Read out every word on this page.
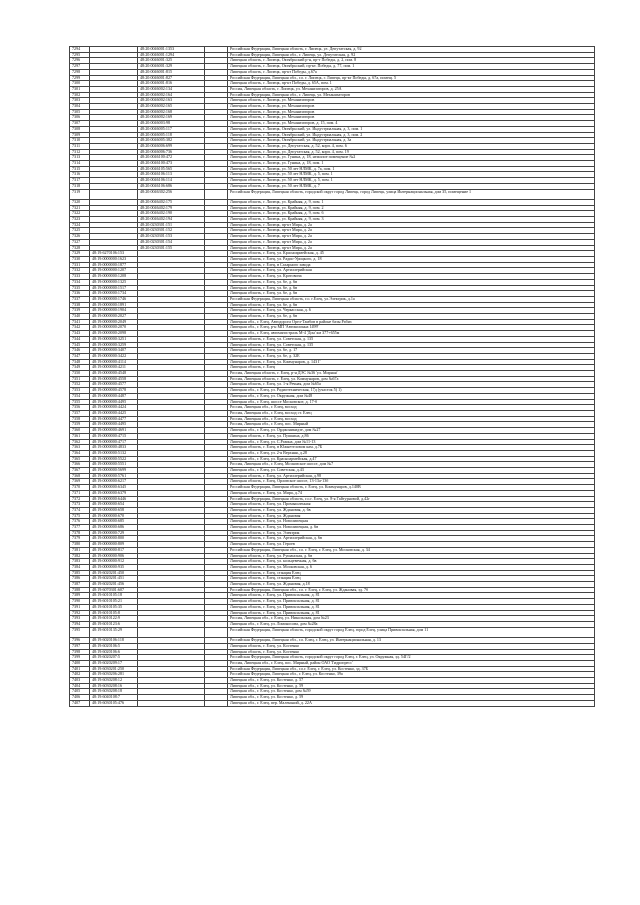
7294		48:20:0046001:1353		Российская Федерация, Липецкая область, г. Липецк, ул. Депутатская, д. 92
7295		48:20:0046001:1294		Российская Федерация, Липецкая обл., г. Липецк, ул. Депутатская, д. 92
7296		48:20:0046001:325		Липецкая область, г. Липецк, Октябрьский р-н, пр-т Победы, д. 2, пом. 8
7297		48:20:0046001:329		Липецкая область, г. Липецк, Октябрьский, пр-кт. Победы, д. 77, пом. 1
7298		48:20:0046001:815		Липецкая область, г. Липецк, пр-кт Победы, д.67а
7299		48:20:0046001:827		Российская Федерация, Липецкая обл., г.о. г. Липецк, г. Липецк, пр-кт Победы, д. 67а, помещ. 5
7300		48:20:0046001:816		Липецкая область, г. Липецк, пр-кт Победы, д. 65А, пом. 1
7301		48:20:0046002:134		Россия, Липецкая область, г. Липецк, ул. Механизаторов, д. 25А
7302		48:20:0046002:164		Российская Федерация, Липецкая обл., г. Липецк, ул. Механизаторов
7303		48:20:0046002:163		Липецкая область, г. Липецк, ул. Механизаторов
7304		48:20:0046002:165		Липецкая область, г. Липецк, ул. Механизаторов
7305		48:20:0046002:168		Липецкая область, г. Липецк, ул. Механизаторов
7306		48:20:0046002:169		Липецкая область, г. Липецк, ул. Механизаторов
7307		48:20:0046003:98		Липецкая область, г. Липецк, ул. Механизаторов, д. 15, пом. 4
7308		48:20:0046005:117		Липецкая область, г. Липецк, Октябрьский, ул. Индустриальная, д. 3, пом. 1
7309		48:20:0046005:118		Липецкая область, г. Липецк, Октябрьский, ул. Индустриальная, д. 3, пом. 2
7310		48:20:0046005:382		Липецкая область, г. Липецк, Октябрьский, ул. Индустриальная, д. 3а
7311		48:20:0046006:699		Липецкая область, г. Липецк, ул. Депутатская, д. 52, корп. 4, пом. 6
7312		48:20:0046006:736		Липецкая область, г. Липецк, ул. Депутатская, д. 52, корп. 4, пом. 19
7313		48:20:0046100:472		Липецкая область, г. Липецк, ул. Гунина, д. 18, нежилое помещение №2
7314		48:20:0046100:473		Липецкая область, г. Липецк, ул. Гунина, д. 18, пом. 1
7315		48:20:0046105:565		Липецкая область, г. Липецк, ул. 50 лет НЛМК, д. 7а, пом. 1
7316		48:20:0046106:113		Липецкая область, г. Липецк, ул. 50 лет НЛМК, д. 5, пом. 1
7317		48:20:0046106:114		Липецкая область, г. Липецк, ул. 50 лет НЛМК, д. 5, пом. 1
7318		48:20:0046106:686		Липецкая область, г. Липецк, ул. 50 лет НЛМК, д. 7
7319		48:20:0046302:256		Российская Федерация, Липецкая область, городской округ город Липецк, город Липецк, улица Интернациональная, дом 35, помещение 1
7320		48:20:0046402:175		Липецкая область, г. Липецк, ул. Крайняя, д. 9, пом. 1
7321		48:20:0046402:179		Липецкая область, г. Липецк, ул. Крайняя, д. 9, пом. 2
7322		48:20:0046402:190		Липецкая область, г. Липецк, ул. Крайняя, д. 9, пом. 6
7323		48:20:0046402:194		Липецкая область, г. Липецк, ул. Крайняя, д. 9, пом. 3
7324		48:20:0230301:151		Липецкая область, г. Липецк, пр-кт Мира, д. 2а
7325		48:20:0230301:152		Липецкая область, г. Липецк, пр-кт Мира, д. 2а
7326		48:20:0230301:153		Липецкая область, г. Липецк, пр-кт Мира, д. 2а
7327		48:20:0230301:154		Липецкая область, г. Липецк, пр-кт Мира, д. 2а
7328		48:20:0230301:155		Липецкая область, г. Липецк, пр-кт Мира, д. 2а
7329	48:19:6270106:153			Липецкая область, г. Елец, ул. Красноармейская, д. 45
7330	48:19:0000000:1623			Липецкая область, г. Елец, ул. Радио-Урицкого, д. 18
7331	48:19:0000000:1877			Липецкая область, г. Елец, в Сахарного завода
7332	48:19:0000000:1207			Липецкая область, г. Елец, ул. Артиллерийская
7333	48:19:0000000:1208			Липецкая область, г. Елец, ул. Кротовича
7334	48:19:0000000:1325			Липецкая область, г. Елец, ул. 6е, д. 6в
7335	48:19:0000000:1517			Липецкая область, г. Елец, ул. 6е, д. 6в
7336	48:19:0000000:1734			Липецкая область, г. Елец, ул. 6е, д. 6в
7337	48:19:0000000:1746			Российская Федерация, Липецкая область, г.о. г.Елец, ул.Электрик, д.1а
7338	48:19:0000000:1891			Липецкая область, г. Елец, ул. 6е, д. 6в
7339	48:19:0000000:1904			Липецкая область, г. Елец, ул. Черкасская, д. 6
7340	48:19:0000000:2027			Липецкая область, г. Елец, ул. 6е, д. 6в
7341	48:19:0000000:2049			Липецкая обл., г. Елец, Автодорога Орел-Тамбов в районе базы Рабиз
7342	48:19:0000000:2070			Липецкая обл., г. Елец, р-н МП 'Автоколонна 1499'
7343	48:19:0000000:2098			Липецкая обл., г. Елец, автомагистраль М-4 'Дон' км 377+655м
7344	48:19:0000000:3251			Липецкая область, г. Елец, ул. Советская, д. 135
7345	48:19:0000000:3259			Липецкая область, г. Елец, ул. Советская, д. 135
7346	48:19:0000000:3407			Липецкая область, г. Елец, ул. 6е, д. 17
7347	48:19:0000000:3422			Липецкая область, г. Елец, ул. 6е, д. 32Е
7348	48:19:0000000:4114			Липецкая область, г. Елец, ул. Коммунаров, д. 143 Г
7349	48:19:0000000:4211			Липецкая область, г. Елец
7350	48:19:0000000:4548			Россия, Липецкая область, г. Елец, р-н ДЭС №36 'ул. Мирная'
7351	48:19:0000000:4558			Россия, Липецкая область, г. Елец, ул. Коммунаров, дом №67а
7352	48:19:0000000:4577			Липецкая область, г. Елец, ул. 1-я Речная, дом №65а
7353	48:19:0000000:4578			Липецкая обл., г. Елец, ул. Радиотехническая, 17д (участок 5) 1)
7354	48:19:0000000:4487			Липецкая обл., г. Елец, ул. Окружная, дом №48
7355	48:19:0000000:4495			Липецкая обл., г. Елец, шоссе Московское, д. 17-б
7356	48:19:0000000:4424			Россия, Липецкая обл., г. Елец, восход
7357	48:19:0000000:4425			Россия, Липецкая обл., г. Елец, восход ст. Елец
7358	48:19:0000000:4477			Россия, Липецкая обл., г. Елец, восход
7359	48:19:0000000:4495			Россия, Липецкая обл., г. Елец, пос. Мирный
7360	48:19:0000000:4691			Липецкая обл., г. Елец, ул. Орджоникидзе, дом №27
7361	48:19:0000000:4715			Липецкая область, г. Елец, ул. Пушкина, д.86
7362	48:19:0000000:4717			Липецкая обл., г. Елец, ул. С.Разина, дом №11-13
7363	48:19:0000000:4833			Липецкая область, г. Елец, в Южнетеловом кам. д.7Б
7364	48:19:0000000:5132			Липецкая обл., г. Елец, ул. 2-я Верхняя, д.28
7365	48:19:0000000:5522			Липецкая обл., г. Елец, ул. Красноармейская, д.47
7366	48:19:0000000:5551			Россия, Липецкая обл., г. Елец, Московское шоссе, дом №7
7367	48:19:0000000:5699			Липецкая обл., г. Елец, ул. Советская, д.43
7368	48:19:0000000:5761			Липецкая область, г. Елец, ул. Артиллерийская, д.98
7369	48:19:0000000:6217			Липецкая область, г. Елец, Орловское шоссе, 13-13а-13б
7370	48:19:0000000:6345			Российская Федерация, Липецкая область, г. Елец, ул. Коммунаров, д.140В
7371	48:19:0000000:6379			Липецкая область, г. Елец, ул. Мира, д.74
7372	48:19:0000000:6446			Российская Федерация, Липецкая область, г.о.г. Елец, ул. 8-я Гайтурновой, д.42г
7373	48:19:0000000:654			Липецкая область, г. Елец, ул. Промышленная
7374	48:19:0000000:658			Липецкая область, г. Елец, ул. Ждановая, д. 6в
7375	48:19:0000000:670			Липецкая область, г. Елец, ул. Ждановая
7376	48:19:0000000:685			Липецкая область, г. Елец, ул. Новолипецкая
7377	48:19:0000000:686			Липецкая область, г. Елец, ул. Новолипецкая, д. 6в
7378	48:19:0000000:729			Липецкая область, г. Елец, ул. Электрик
7379	48:19:0000000:800			Липецкая область, г. Елец, ул. Артиллерийская, д. 6в
7380	48:19:0000000:809			Липецкая область, г. Елец, ул. Героев
7381	48:19:0000000:817			Российская Федерация, Липецкая обл., г.о. г. Елец, г. Елец, ул. Московская, д. 34
7382	48:19:0000000:906			Липецкая область, г. Елец, ул. Рушанская, д. 6в
7383	48:19:0000000:912			Липецкая область, г. Елец, ул. кольцевечная, д. 6в
7384	48:19:0000000:935			Липецкая область, г. Елец, ул. Московская, д. 6
7385	48:19:6020201:450			Липецкая область, г. Елец, станция Елец
7386	48:19:6020201:451			Липецкая область, г. Елец, станция Елец
7387	48:19:6020201:456			Липецкая область, г. Елец, ул. Ждановая, д.18
7388	48:19:6070301:607			Российская Федерация, Липецкая обл., г.о. г. Елец, г. Елец, ул. Ждановая, зд. 7б
7389	48:19:6010105:18			Липецкая область, г. Елец, ул. Привокзальная, д. 81
7390	48:19:6010105:21			Липецкая область, г. Елец, ул. Привокзальная, д. 81
7391	48:19:6010105:35			Липецкая область, г. Елец, ул. Привокзальная, д. 81
7392	48:19:6010105:8			Липецкая область, г. Елец, ул. Привокзальная, д. 81
7393	48:19:6010122:9			Россия, Липецкая обл., г. Елец, ул. Никольская, дом №23
7394	48:19:6010123:6			Липецкая обл., г. Елец, ул. Ломоносова, дом №28а
7395	48:19:6010135:29			Российская Федерация, Липецкая область, городской округ город Елец, город Елец, улица Привокзальная, дом 11
7396	48:19:6020106:118			Российская Федерация, Липецкая обл., г.о. Елец, г. Елец, ул. Интернациональная, д. 13
7397	48:19:6020106:5			Липецкая область, г. Елец, ул. Костенко
7398	48:19:6020106:6			Липецкая область, г. Елец, ул. Костенко
7399	48:19:6020207:5			Российская Федерация, Липецкая область, городской округ город Елец, г. Елец, ул. Окружная, зд. 54Г/2
7400	48:19:6020209:17			Россия, Липецкая обл., г. Елец, пос. Мирный, район ОАО 'Гидропресс'
7401	48:19:6030201:250			Российская Федерация, Липецкая обл., г.о.г. Елец, г. Елец, ул. Костенко, зд. 37Б
7402	48:19:6030206:281			Российская Федерация, Липецкая обл., г. Елец, ул. Костенко, 39а
7403	48:19:6030208:12			Липецкая обл., г. Елец, ул. Костенко, д. 57
7404	48:19:6030208:16			Липецкая обл., г. Елец, ул. Костенко, д. 59
7405	48:19:6030208:18			Липецкая обл., г. Елец, ул. Костенко, дом №59
7406	48:19:6040108:7			Липецкая обл., г. Елец, ул. Костенко, д. 59
7407	48:19:6030105:476			Липецкая обл., г. Елец, пер. Маленький, д. 22А
